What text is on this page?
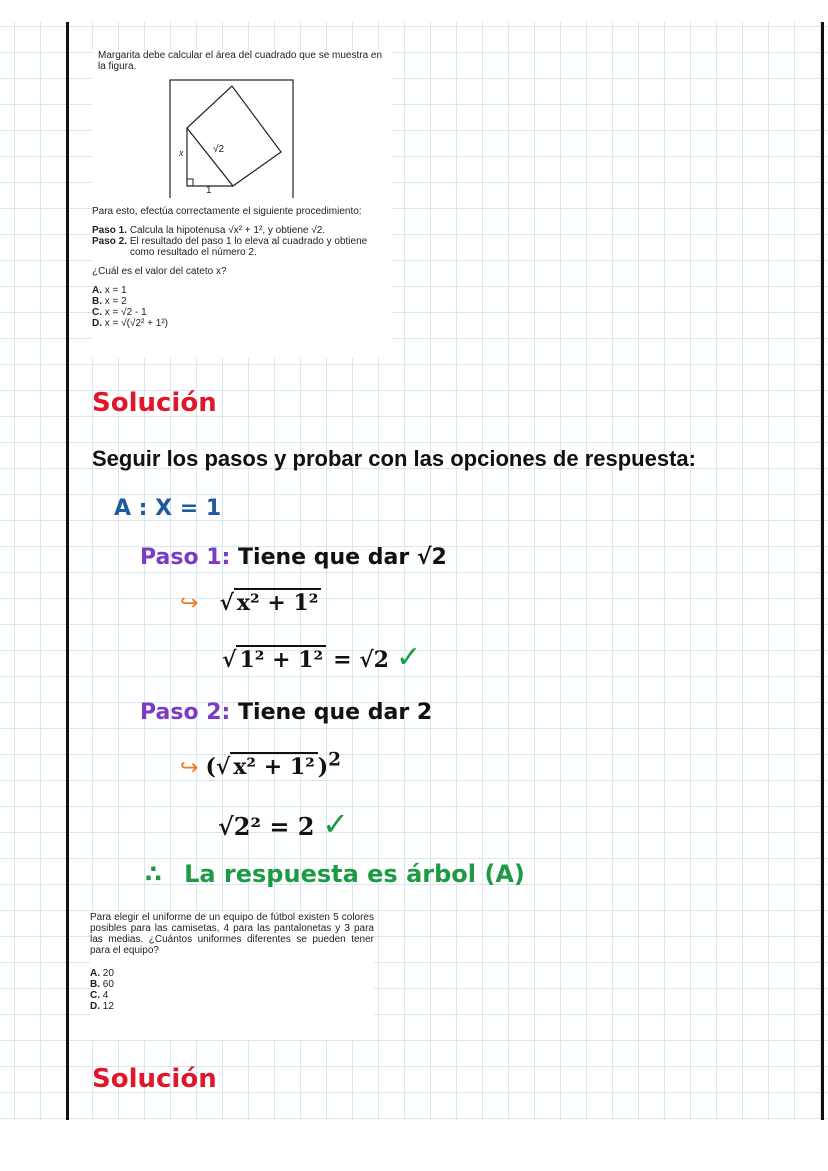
Margarita debe calcular el área del cuadrado que se muestra en la figura.

x	√2
1

Para esto, efectúa correctamente el siguiente procedimiento:

Paso 1. Calcula la hipotenusa √x² + 1², y obtiene √2.

Paso 2. El resultado del paso 1 lo eleva al cuadrado y obtiene como resultado el número 2.

¿Cuál es el valor del cateto x?

A. x = 1

B. x = 2

C. x = √2 - 1

D. x = √(√2² + 1²)

Solución
Seguir los pasos y probar con las opciones de respuesta:
A : X = 1
Paso 1: Tiene que dar √2
↪ √ x² + 1²
√ 1² + 1² = √2 ✓
Paso 2: Tiene que dar 2
↪ (√ x² + 1² )$^2$
√2² = 2 ✓
∴ La respuesta es árbol (A)

Para elegir el uniforme de un equipo de fútbol existen 5 colores posibles para las camisetas, 4 para las pantalonetas y 3 para las medias. ¿Cuántos uniformes diferentes se pueden tener para el equipo?

A. 20

B. 60

C. 4

D. 12

Solución
